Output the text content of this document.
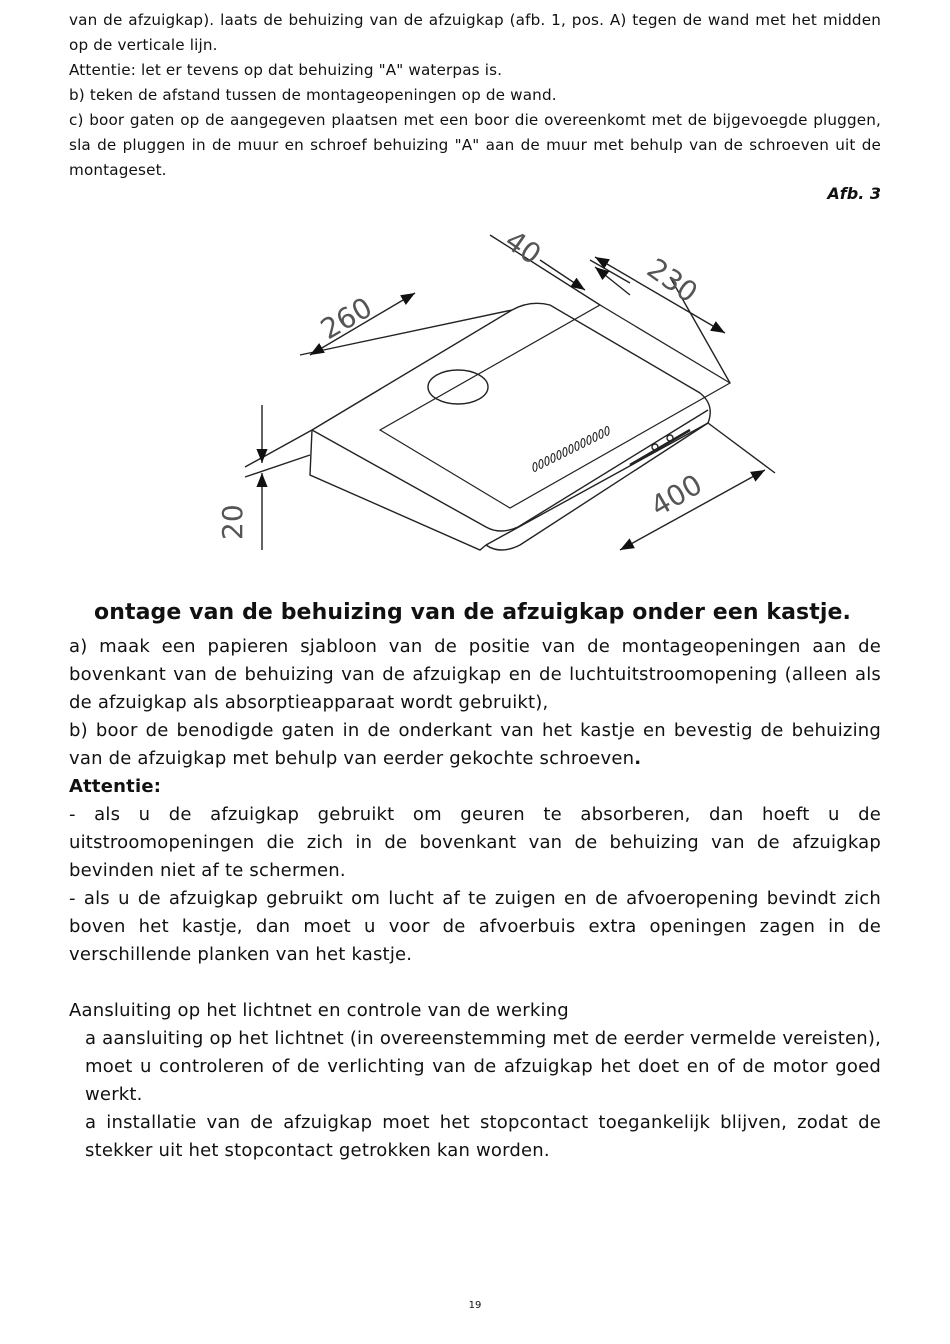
van de afzuigkap). laats de behuizing van de afzuigkap (afb. 1, pos. A) tegen de wand met het midden op de verticale lijn.

Attentie: let er tevens op dat behuizing "A" waterpas is.

b) teken de afstand tussen de montageopeningen op de wand.

c) boor gaten op de aangegeven plaatsen met een boor die overeenkomt met de bijgevoegde pluggen, sla de pluggen in de muur en schroef behuizing "A" aan de muur met behulp van de schroeven uit de montageset.

Afb. 3
40
230
260
400
20
ontage van de behuizing van de afzuigkap onder een kastje.

a) maak een papieren sjabloon van de positie van de montageopeningen aan de bovenkant van de behuizing van de afzuigkap en de luchtuitstroomopening (alleen als de afzuigkap als absorptieapparaat wordt gebruikt),

b) boor de benodigde gaten in de onderkant van het kastje en bevestig de behuizing van de afzuigkap met behulp van eerder gekochte schroeven.

Attentie:

- als u de afzuigkap gebruikt om geuren te absorberen, dan hoeft u de uitstroomopeningen die zich in de bovenkant van de behuizing van de afzuigkap bevinden niet af te schermen.

- als u de afzuigkap gebruikt om lucht af te zuigen en de afvoeropening bevindt zich boven het kastje, dan moet u voor de afvoerbuis extra openingen zagen in de verschillende planken van het kastje.

Aansluiting op het lichtnet en controle van de werking

a aansluiting op het lichtnet (in overeenstemming met de eerder vermelde vereisten), moet u controleren of de verlichting van de afzuigkap het doet en of de motor goed werkt.

a installatie van de afzuigkap moet het stopcontact toegankelijk blijven, zodat de stekker uit het stopcontact getrokken kan worden.

19
